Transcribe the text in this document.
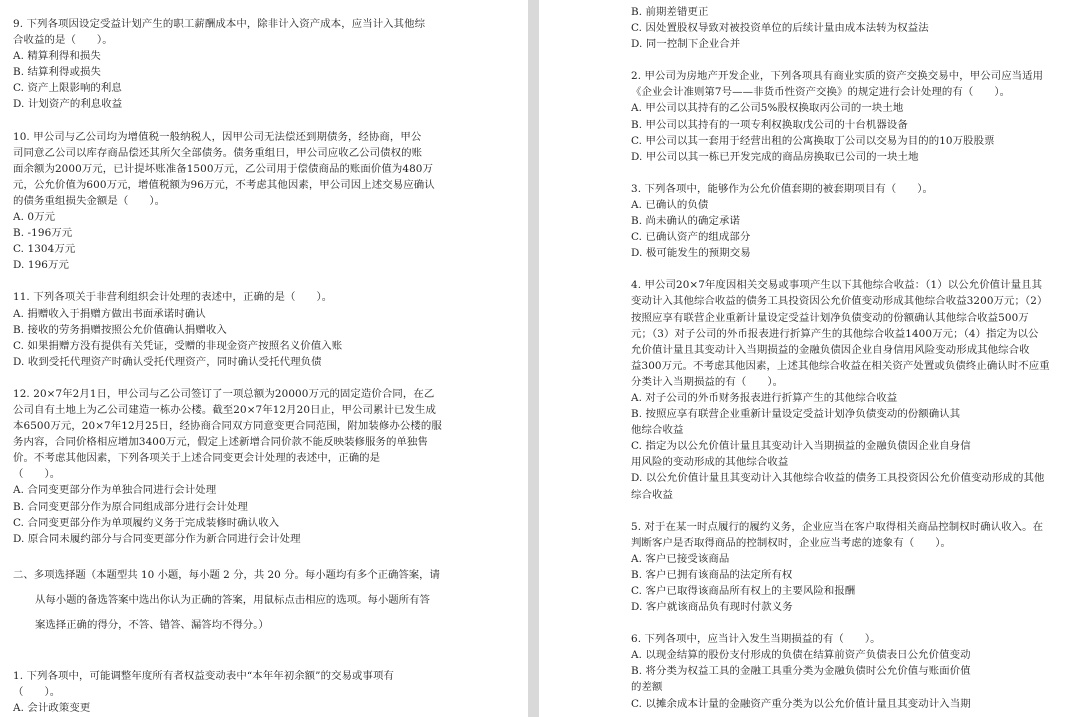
9. 下列各项因设定受益计划产生的职工薪酬成本中，除非计入资产成本，应当计入其他综
合收益的是（　　）。
A. 精算利得和损失
B. 结算利得或损失
C. 资产上限影响的利息
D. 计划资产的利息收益
10. 甲公司与乙公司均为增值税一般纳税人，因甲公司无法偿还到期债务，经协商，甲公
司同意乙公司以库存商品偿还其所欠全部债务。债务重组日，甲公司应收乙公司债权的账
面余额为2000万元，已计提坏账准备1500万元，乙公司用于偿债商品的账面价值为480万
元，公允价值为600万元，增值税额为96万元，不考虑其他因素，甲公司因上述交易应确认
的债务重组损失金额是（　　）。
A. 0万元
B. -196万元
C. 1304万元
D. 196万元
11. 下列各项关于非营利组织会计处理的表述中，正确的是（　　）。
A. 捐赠收入于捐赠方做出书面承诺时确认
B. 接收的劳务捐赠按照公允价值确认捐赠收入
C. 如果捐赠方没有提供有关凭证，受赠的非现金资产按照名义价值入账
D. 收到受托代理资产时确认受托代理资产，同时确认受托代理负债
12. 20×7年2月1日，甲公司与乙公司签订了一项总额为20000万元的固定造价合同，在乙
公司自有土地上为乙公司建造一栋办公楼。截至20×7年12月20日止，甲公司累计已发生成
本6500万元，20×7年12月25日，经协商合同双方同意变更合同范围，附加装修办公楼的服
务内容，合同价格相应增加3400万元，假定上述新增合同价款不能反映装修服务的单独售
价。不考虑其他因素，下列各项关于上述合同变更会计处理的表述中，正确的是
（　　）。
A. 合同变更部分作为单独合同进行会计处理
B. 合同变更部分作为原合同组成部分进行会计处理
C. 合同变更部分作为单项履约义务于完成装修时确认收入
D. 原合同未履约部分与合同变更部分作为新合同进行会计处理
二、多项选择题（本题型共 10 小题，每小题 2 分，共 20 分。每小题均有多个正确答案，请
从每小题的备选答案中选出你认为正确的答案，用鼠标点击相应的选项。每小题所有答
案选择正确的得分，不答、错答、漏答均不得分。）
1. 下列各项中，可能调整年度所有者权益变动表中“本年年初余额”的交易或事项有
（　　）。
A. 会计政策变更
B. 前期差错更正
C. 因处置股权导致对被投资单位的后续计量由成本法转为权益法
D. 同一控制下企业合并
2. 甲公司为房地产开发企业，下列各项具有商业实质的资产交换交易中，甲公司应当适用
《企业会计准则第7号——非货币性资产交换》的规定进行会计处理的有（　　）。
A. 甲公司以其持有的乙公司5%股权换取丙公司的一块土地
B. 甲公司以其持有的一项专利权换取戊公司的十台机器设备
C. 甲公司以其一套用于经营出租的公寓换取丁公司以交易为目的的10万股股票
D. 甲公司以其一栋已开发完成的商品房换取已公司的一块土地
3. 下列各项中，能够作为公允价值套期的被套期项目有（　　）。
A. 已确认的负债
B. 尚未确认的确定承诺
C. 已确认资产的组成部分
D. 极可能发生的预期交易
4. 甲公司20×7年度因相关交易或事项产生以下其他综合收益：（1）以公允价值计量且其
变动计入其他综合收益的债务工具投资因公允价值变动形成其他综合收益3200万元；（2）
按照应享有联营企业重新计量设定受益计划净负债变动的份额确认其他综合收益500万
元；（3）对子公司的外币报表进行折算产生的其他综合收益1400万元；（4）指定为以公
允价值计量且其变动计入当期损益的金融负债因企业自身信用风险变动形成其他综合收
益300万元。不考虑其他因素，上述其他综合收益在相关资产处置或负债终止确认时不应重
分类计入当期损益的有（　　）。
A. 对子公司的外币财务报表进行折算产生的其他综合收益
B. 按照应享有联营企业重新计量设定受益计划净负债变动的份额确认其
他综合收益
C. 指定为以公允价值计量且其变动计入当期损益的金融负债因企业自身信
用风险的变动形成的其他综合收益
D. 以公允价值计量且其变动计入其他综合收益的债务工具投资因公允价值变动形成的其他
综合收益
5. 对于在某一时点履行的履约义务，企业应当在客户取得相关商品控制权时确认收入。在
判断客户是否取得商品的控制权时，企业应当考虑的迹象有（　　）。
A. 客户已接受该商品
B. 客户已拥有该商品的法定所有权
C. 客户已取得该商品所有权上的主要风险和报酬
D. 客户就该商品负有现时付款义务
6. 下列各项中，应当计入发生当期损益的有（　　）。
A. 以现金结算的股份支付形成的负债在结算前资产负债表日公允价值变动
B. 将分类为权益工具的金融工具重分类为金融负债时公允价值与账面价值
的差额
C. 以摊余成本计量的金融资产重分类为以公允价值计量且其变动计入当期
